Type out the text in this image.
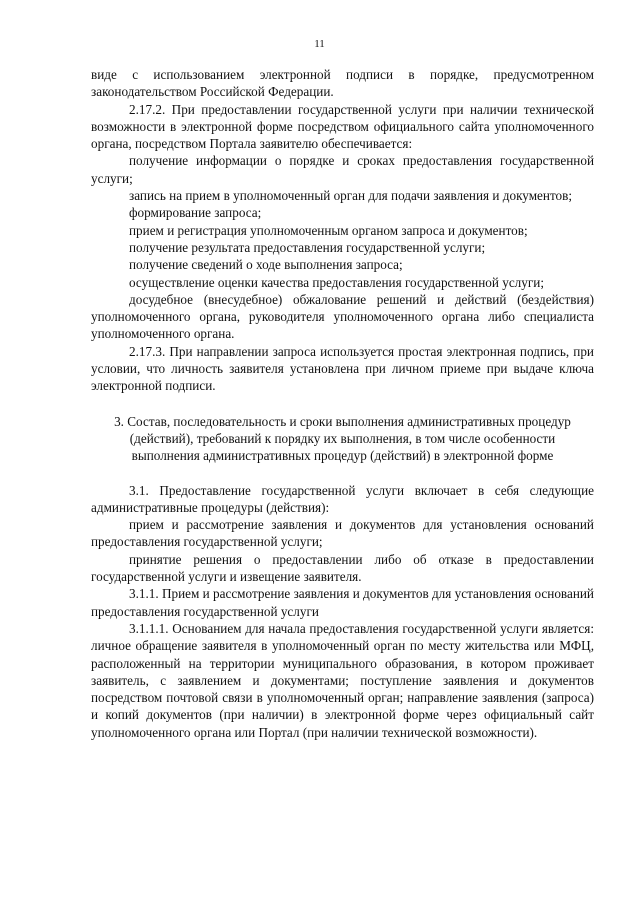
11

виде с использованием электронной подписи в порядке, предусмотренном законодательством Российской Федерации.

2.17.2. При предоставлении государственной услуги при наличии технической возможности в электронной форме посредством официального сайта уполномоченного органа, посредством Портала заявителю обеспечивается:

получение информации о порядке и сроках предоставления государственной услуги;

запись на прием в уполномоченный орган для подачи заявления и документов;

формирование запроса;

прием и регистрация уполномоченным органом запроса и документов;

получение результата предоставления государственной услуги;

получение сведений о ходе выполнения запроса;

осуществление оценки качества предоставления государственной услуги;

досудебное (внесудебное) обжалование решений и действий (бездействия) уполномоченного органа, руководителя уполномоченного органа либо специалиста уполномоченного органа.

2.17.3. При направлении запроса используется простая электронная подпись, при условии, что личность заявителя установлена при личном приеме при выдаче ключа электронной подписи.

3. Состав, последовательность и сроки выполнения административных процедур (действий), требований к порядку их выполнения, в том числе особенности выполнения административных процедур (действий) в электронной форме

3.1. Предоставление государственной услуги включает в себя следующие административные процедуры (действия):

прием и рассмотрение заявления и документов для установления оснований предоставления государственной услуги;

принятие решения о предоставлении либо об отказе в предоставлении государственной услуги и извещение заявителя.

3.1.1. Прием и рассмотрение заявления и документов для установления оснований предоставления государственной услуги

3.1.1.1. Основанием для начала предоставления государственной услуги является: личное обращение заявителя в уполномоченный орган по месту жительства или МФЦ, расположенный на территории муниципального образования, в котором проживает заявитель, с заявлением и документами; поступление заявления и документов посредством почтовой связи в уполномоченный орган; направление заявления (запроса) и копий документов (при наличии) в электронной форме через официальный сайт уполномоченного органа или Портал (при наличии технической возможности).
